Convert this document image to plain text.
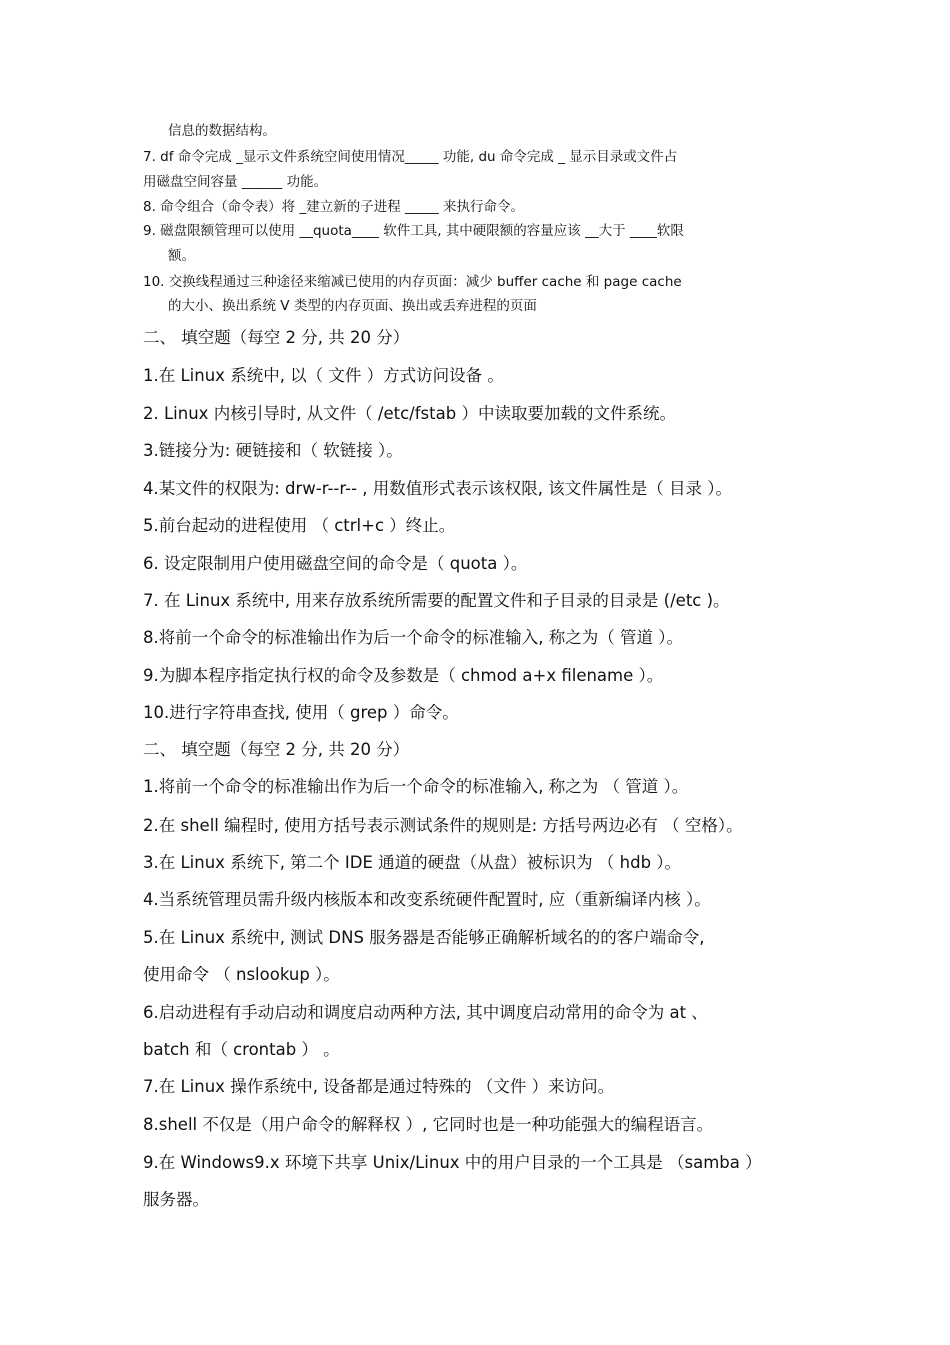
信息的数据结构。
7. df 命令完成 _显示文件系统空间使用情况_____ 功能, du 命令完成 _ 显示目录或文件占
用磁盘空间容量 ______ 功能。
8. 命令组合（命令表）将 _建立新的子进程 _____ 来执行命令。
9. 磁盘限额管理可以使用 __quota____ 软件工具, 其中硬限额的容量应该 __大于 ____软限
额。
10. 交换线程通过三种途径来缩减已使用的内存页面：减少 buffer cache 和 page cache
的大小、换出系统 V 类型的内存页面、换出或丢弃进程的页面
二、 填空题（每空 2 分, 共 20 分）
1.在 Linux 系统中, 以（ 文件 ）方式访问设备 。
2. Linux 内核引导时, 从文件（ /etc/fstab ）中读取要加载的文件系统。
3.链接分为: 硬链接和（ 软链接 ）。
4.某文件的权限为: drw-r--r-- , 用数值形式表示该权限, 该文件属性是（ 目录 ）。
5.前台起动的进程使用 （ ctrl+c ）终止。
6. 设定限制用户使用磁盘空间的命令是（ quota ）。
7. 在 Linux 系统中, 用来存放系统所需要的配置文件和子目录的目录是 (/etc )。
8.将前一个命令的标准输出作为后一个命令的标准输入, 称之为（ 管道 ）。
9.为脚本程序指定执行权的命令及参数是（ chmod a+x filename ）。
10.进行字符串查找, 使用（ grep ）命令。
二、 填空题（每空 2 分, 共 20 分）
1.将前一个命令的标准输出作为后一个命令的标准输入, 称之为 （ 管道 ）。
2.在 shell 编程时, 使用方括号表示测试条件的规则是: 方括号两边必有 （ 空格）。
3.在 Linux 系统下, 第二个 IDE 通道的硬盘（从盘）被标识为 （ hdb ）。
4.当系统管理员需升级内核版本和改变系统硬件配置时, 应（重新编译内核 ）。
5.在 Linux 系统中, 测试 DNS 服务器是否能够正确解析域名的的客户端命令,
使用命令 （ nslookup ）。
6.启动进程有手动启动和调度启动两种方法, 其中调度启动常用的命令为 at 、
batch 和（ crontab ） 。
7.在 Linux 操作系统中, 设备都是通过特殊的 （文件 ）来访问。
8.shell 不仅是（用户命令的解释权 ）, 它同时也是一种功能强大的编程语言。
9.在 Windows9.x 环境下共享 Unix/Linux 中的用户目录的一个工具是 （samba ）
服务器。
